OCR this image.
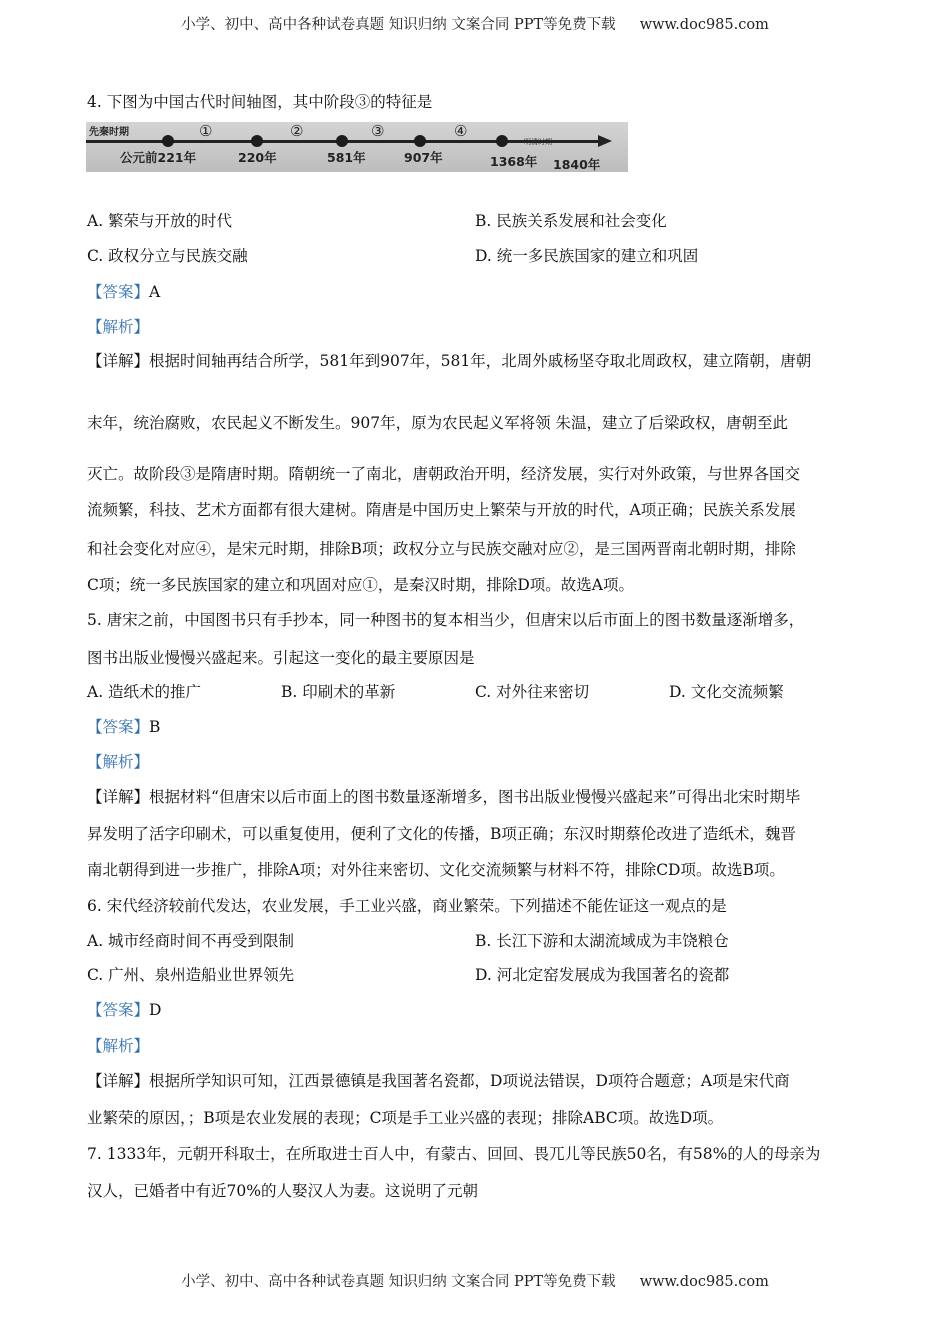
小学、初中、高中各种试卷真题 知识归纳 文案合同 PPT等免费下载 www.doc985.com
4. 下图为中国古代时间轴图，其中阶段③的特征是
先秦时期
明清时期
①	②	③	④
公元前221年	220年	581年	907年	1368年 1840年
A. 繁荣与开放的时代	B. 民族关系发展和社会变化
C. 政权分立与民族交融	D. 统一多民族国家的建立和巩固
【答案】A
【解析】
【详解】根据时间轴再结合所学，581年到907年，581年，北周外戚杨坚夺取北周政权，建立隋朝，唐朝
末年，统治腐败，农民起义不断发生。907年，原为农民起义军将领 朱温，建立了后梁政权，唐朝至此
灭亡。故阶段③是隋唐时期。隋朝统一了南北，唐朝政治开明，经济发展，实行对外政策，与世界各国交
流频繁，科技、艺术方面都有很大建树。隋唐是中国历史上繁荣与开放的时代，A项正确；民族关系发展
和社会变化对应④，是宋元时期，排除B项；政权分立与民族交融对应②，是三国两晋南北朝时期，排除
C项；统一多民族国家的建立和巩固对应①，是秦汉时期，排除D项。故选A项。
5. 唐宋之前，中国图书只有手抄本，同一种图书的复本相当少，但唐宋以后市面上的图书数量逐渐增多，
图书出版业慢慢兴盛起来。引起这一变化的最主要原因是
A. 造纸术的推广	B. 印刷术的革新	C. 对外往来密切	D. 文化交流频繁
【答案】B
【解析】
【详解】根据材料“但唐宋以后市面上的图书数量逐渐增多，图书出版业慢慢兴盛起来”可得出北宋时期毕
昇发明了活字印刷术，可以重复使用，便利了文化的传播，B项正确；东汉时期蔡伦改进了造纸术，魏晋
南北朝得到进一步推广，排除A项；对外往来密切、文化交流频繁与材料不符，排除CD项。故选B项。
6. 宋代经济较前代发达，农业发展，手工业兴盛，商业繁荣。下列描述不能佐证这一观点的是
A. 城市经商时间不再受到限制	B. 长江下游和太湖流域成为丰饶粮仓
C. 广州、泉州造船业世界领先	D. 河北定窑发展成为我国著名的瓷都
【答案】D
【解析】
【详解】根据所学知识可知，江西景德镇是我国著名瓷都，D项说法错误，D项符合题意；A项是宋代商
业繁荣的原因，；B项是农业发展的表现；C项是手工业兴盛的表现；排除ABC项。故选D项。
7. 1333年，元朝开科取士，在所取进士百人中，有蒙古、回回、畏兀儿等民族50名，有58%的人的母亲为
汉人，已婚者中有近70%的人娶汉人为妻。这说明了元朝
小学、初中、高中各种试卷真题 知识归纳 文案合同 PPT等免费下载 www.doc985.com
